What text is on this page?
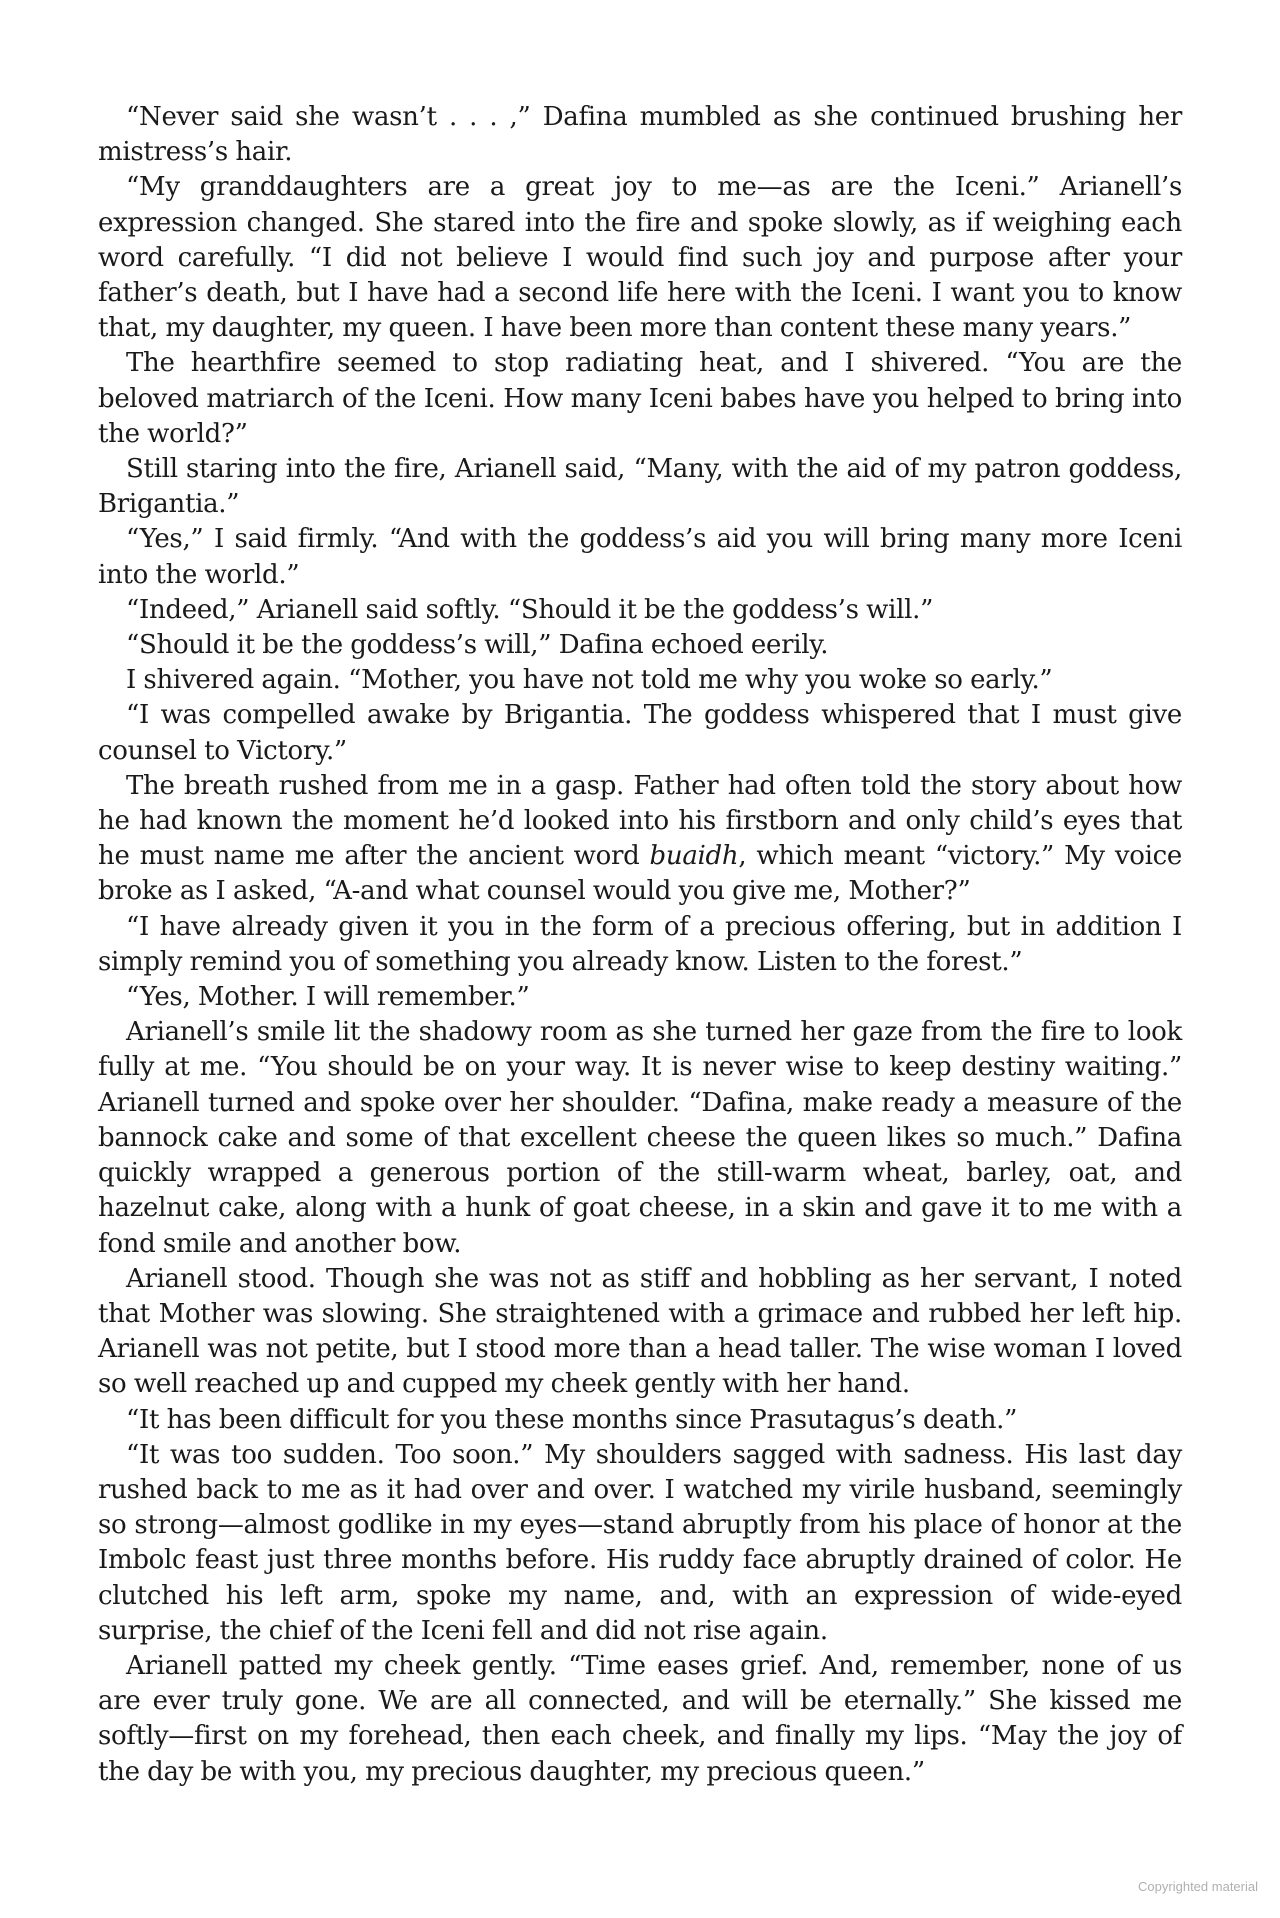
“Never said she wasn’t . . . ,” Dafina mumbled as she continued brushing her mistress’s hair.

“My granddaughters are a great joy to me—as are the Iceni.” Arianell’s expression changed. She stared into the fire and spoke slowly, as if weighing each word carefully. “I did not believe I would find such joy and purpose after your father’s death, but I have had a second life here with the Iceni. I want you to know that, my daughter, my queen. I have been more than content these many years.”

The hearthfire seemed to stop radiating heat, and I shivered. “You are the beloved matriarch of the Iceni. How many Iceni babes have you helped to bring into the world?”

Still staring into the fire, Arianell said, “Many, with the aid of my patron goddess, Brigantia.”

“Yes,” I said firmly. “And with the goddess’s aid you will bring many more Iceni into the world.”

“Indeed,” Arianell said softly. “Should it be the goddess’s will.”

“Should it be the goddess’s will,” Dafina echoed eerily.

I shivered again. “Mother, you have not told me why you woke so early.”

“I was compelled awake by Brigantia. The goddess whispered that I must give counsel to Victory.”

The breath rushed from me in a gasp. Father had often told the story about how he had known the moment he’d looked into his firstborn and only child’s eyes that he must name me after the ancient word buaidh, which meant “victory.” My voice broke as I asked, “A-and what counsel would you give me, Mother?”

“I have already given it you in the form of a precious offering, but in addition I simply remind you of something you already know. Listen to the forest.”

“Yes, Mother. I will remember.”

Arianell’s smile lit the shadowy room as she turned her gaze from the fire to look fully at me. “You should be on your way. It is never wise to keep destiny waiting.” Arianell turned and spoke over her shoulder. “Dafina, make ready a measure of the bannock cake and some of that excellent cheese the queen likes so much.” Dafina quickly wrapped a generous portion of the still-warm wheat, barley, oat, and hazelnut cake, along with a hunk of goat cheese, in a skin and gave it to me with a fond smile and another bow.

Arianell stood. Though she was not as stiff and hobbling as her servant, I noted that Mother was slowing. She straightened with a grimace and rubbed her left hip. Arianell was not petite, but I stood more than a head taller. The wise woman I loved so well reached up and cupped my cheek gently with her hand.

“It has been difficult for you these months since Prasutagus’s death.”

“It was too sudden. Too soon.” My shoulders sagged with sadness. His last day rushed back to me as it had over and over. I watched my virile husband, seemingly so strong—almost godlike in my eyes—stand abruptly from his place of honor at the Imbolc feast just three months before. His ruddy face abruptly drained of color. He clutched his left arm, spoke my name, and, with an expression of wide-eyed surprise, the chief of the Iceni fell and did not rise again.

Arianell patted my cheek gently. “Time eases grief. And, remember, none of us are ever truly gone. We are all connected, and will be eternally.” She kissed me softly—first on my forehead, then each cheek, and finally my lips. “May the joy of the day be with you, my precious daughter, my precious queen.”

Copyrighted material
